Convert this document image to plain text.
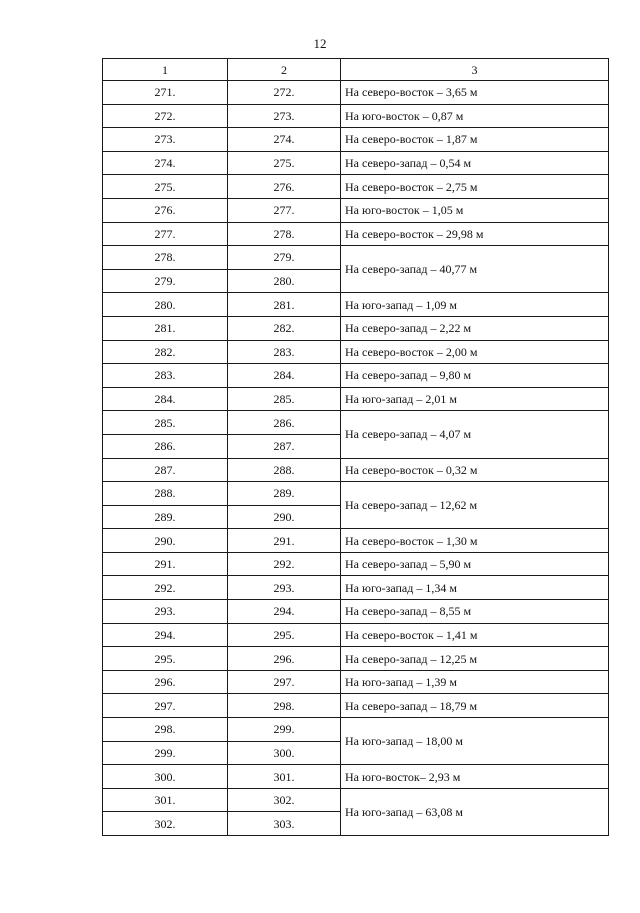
12
1	2	3
271.	272.	На северо-восток – 3,65 м
272.	273.	На юго-восток – 0,87 м
273.	274.	На северо-восток – 1,87 м
274.	275.	На северо-запад – 0,54 м
275.	276.	На северо-восток – 2,75 м
276.	277.	На юго-восток – 1,05 м
277.	278.	На северо-восток – 29,98 м
278.	279.	На северо-запад – 40,77 м
279.	280.	
280.	281.	На юго-запад – 1,09 м
281.	282.	На северо-запад – 2,22 м
282.	283.	На северо-восток – 2,00 м
283.	284.	На северо-запад – 9,80 м
284.	285.	На юго-запад – 2,01 м
285.	286.	На северо-запад – 4,07 м
286.	287.	
287.	288.	На северо-восток – 0,32 м
288.	289.	На северо-запад – 12,62 м
289.	290.	
290.	291.	На северо-восток – 1,30 м
291.	292.	На северо-запад – 5,90 м
292.	293.	На юго-запад – 1,34 м
293.	294.	На северо-запад – 8,55 м
294.	295.	На северо-восток – 1,41 м
295.	296.	На северо-запад – 12,25 м
296.	297.	На юго-запад – 1,39 м
297.	298.	На северо-запад – 18,79 м
298.	299.	На юго-запад – 18,00 м
299.	300.	
300.	301.	На юго-восток– 2,93 м
301.	302.	На юго-запад – 63,08 м
302.	303.	
